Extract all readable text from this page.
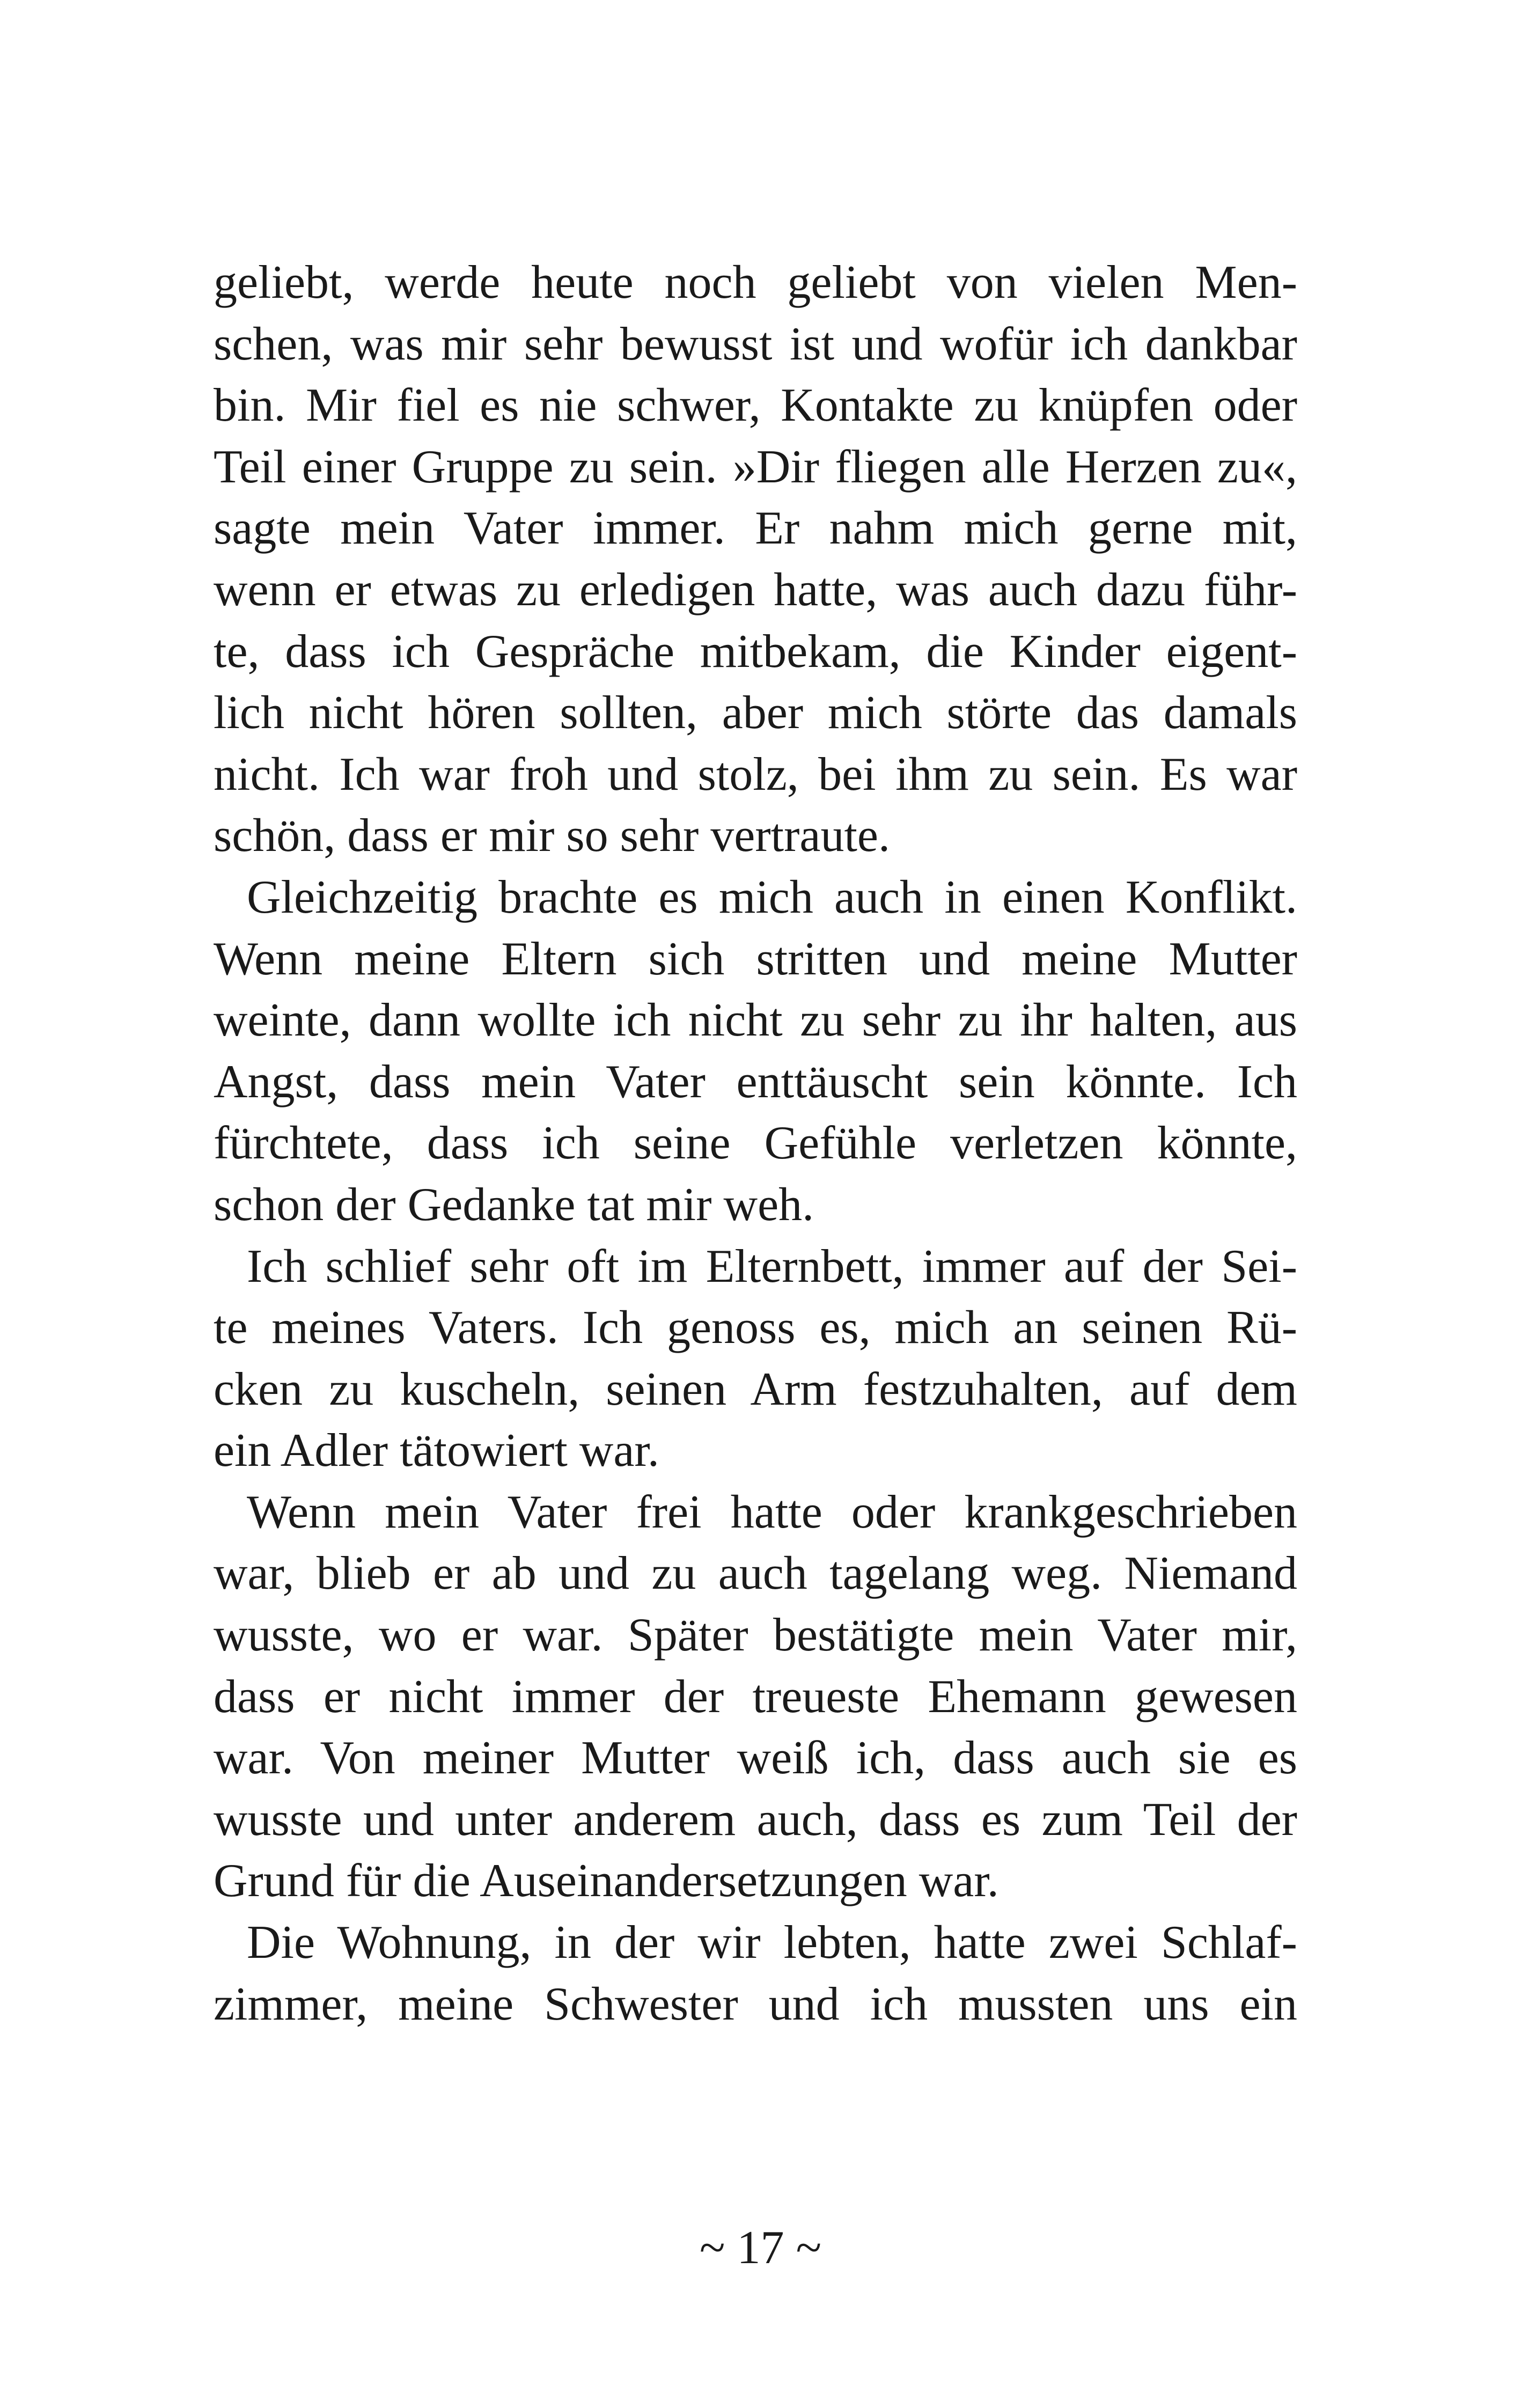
geliebt, werde heute noch geliebt von vielen Men-
schen, was mir sehr bewusst ist und wofür ich dankbar
bin. Mir fiel es nie schwer, Kontakte zu knüpfen oder
Teil einer Gruppe zu sein. »Dir fliegen alle Herzen zu«,
sagte mein Vater immer. Er nahm mich gerne mit,
wenn er etwas zu erledigen hatte, was auch dazu führ-
te, dass ich Gespräche mitbekam, die Kinder eigent-
lich nicht hören sollten, aber mich störte das damals
nicht. Ich war froh und stolz, bei ihm zu sein. Es war
schön, dass er mir so sehr vertraute.
Gleichzeitig brachte es mich auch in einen Konflikt.
Wenn meine Eltern sich stritten und meine Mutter
weinte, dann wollte ich nicht zu sehr zu ihr halten, aus
Angst, dass mein Vater enttäuscht sein könnte. Ich
fürchtete, dass ich seine Gefühle verletzen könnte,
schon der Gedanke tat mir weh.
Ich schlief sehr oft im Elternbett, immer auf der Sei-
te meines Vaters. Ich genoss es, mich an seinen Rü-
cken zu kuscheln, seinen Arm festzuhalten, auf dem
ein Adler tätowiert war.
Wenn mein Vater frei hatte oder krankgeschrieben
war, blieb er ab und zu auch tagelang weg. Niemand
wusste, wo er war. Später bestätigte mein Vater mir,
dass er nicht immer der treueste Ehemann gewesen
war. Von meiner Mutter weiß ich, dass auch sie es
wusste und unter anderem auch, dass es zum Teil der
Grund für die Auseinandersetzungen war.
Die Wohnung, in der wir lebten, hatte zwei Schlaf-
zimmer, meine Schwester und ich mussten uns ein
~ 17 ~
